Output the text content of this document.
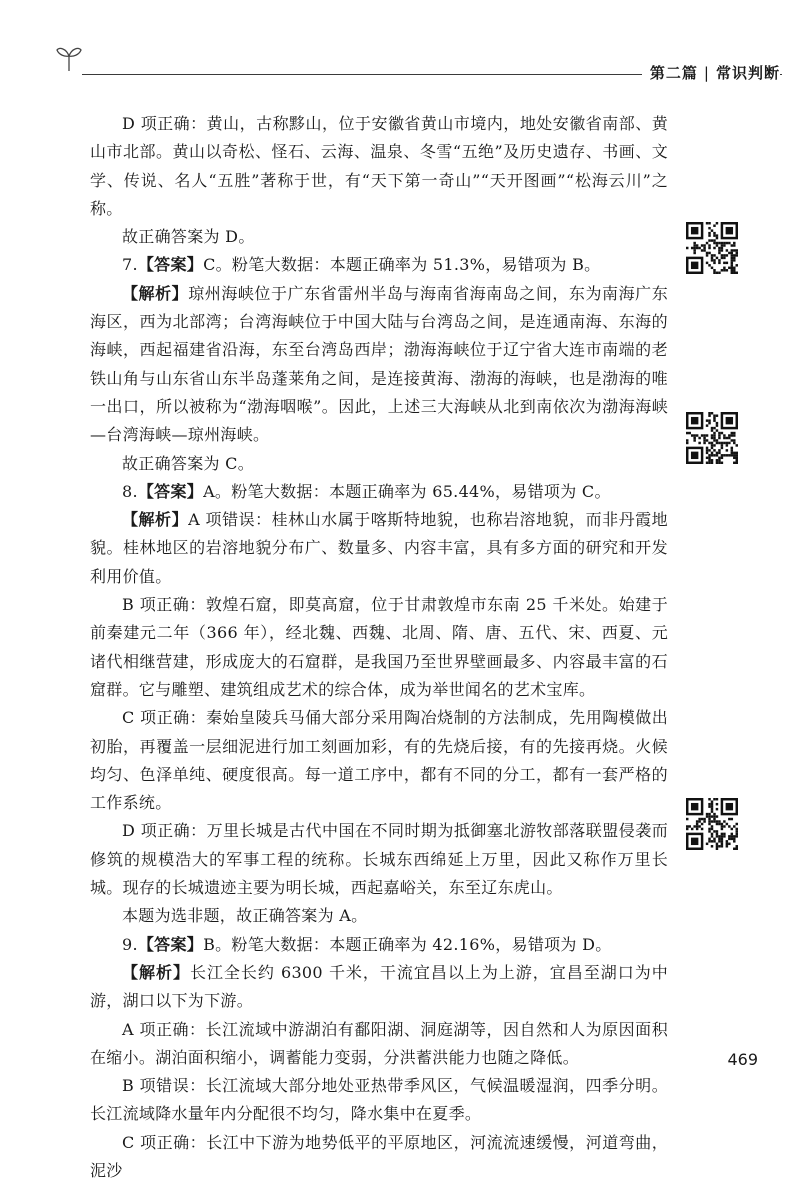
第二篇 | 常识判断

D 项正确：黄山，古称黟山，位于安徽省黄山市境内，地处安徽省南部、黄山市北部。黄山以奇松、怪石、云海、温泉、冬雪“五绝”及历史遗存、书画、文学、传说、名人“五胜”著称于世，有“天下第一奇山”“天开图画”“松海云川”之称。

故正确答案为 D。

7.【答案】C。粉笔大数据：本题正确率为 51.3%，易错项为 B。

【解析】琼州海峡位于广东省雷州半岛与海南省海南岛之间，东为南海广东海区，西为北部湾；台湾海峡位于中国大陆与台湾岛之间，是连通南海、东海的海峡，西起福建省沿海，东至台湾岛西岸；渤海海峡位于辽宁省大连市南端的老铁山角与山东省山东半岛蓬莱角之间，是连接黄海、渤海的海峡，也是渤海的唯一出口，所以被称为“渤海咽喉”。因此，上述三大海峡从北到南依次为渤海海峡—台湾海峡—琼州海峡。

故正确答案为 C。

8.【答案】A。粉笔大数据：本题正确率为 65.44%，易错项为 C。

【解析】A 项错误：桂林山水属于喀斯特地貌，也称岩溶地貌，而非丹霞地貌。桂林地区的岩溶地貌分布广、数量多、内容丰富，具有多方面的研究和开发利用价值。

B 项正确：敦煌石窟，即莫高窟，位于甘肃敦煌市东南 25 千米处。始建于前秦建元二年（366 年），经北魏、西魏、北周、隋、唐、五代、宋、西夏、元诸代相继营建，形成庞大的石窟群，是我国乃至世界壁画最多、内容最丰富的石窟群。它与雕塑、建筑组成艺术的综合体，成为举世闻名的艺术宝库。

C 项正确：秦始皇陵兵马俑大部分采用陶冶烧制的方法制成，先用陶模做出初胎，再覆盖一层细泥进行加工刻画加彩，有的先烧后接，有的先接再烧。火候均匀、色泽单纯、硬度很高。每一道工序中，都有不同的分工，都有一套严格的工作系统。

D 项正确：万里长城是古代中国在不同时期为抵御塞北游牧部落联盟侵袭而修筑的规模浩大的军事工程的统称。长城东西绵延上万里，因此又称作万里长城。现存的长城遗迹主要为明长城，西起嘉峪关，东至辽东虎山。

本题为选非题，故正确答案为 A。

9.【答案】B。粉笔大数据：本题正确率为 42.16%，易错项为 D。

【解析】长江全长约 6300 千米，干流宜昌以上为上游，宜昌至湖口为中游，湖口以下为下游。

A 项正确：长江流域中游湖泊有鄱阳湖、洞庭湖等，因自然和人为原因面积在缩小。湖泊面积缩小，调蓄能力变弱，分洪蓄洪能力也随之降低。

B 项错误：长江流域大部分地处亚热带季风区，气候温暖湿润，四季分明。长江流域降水量年内分配很不均匀，降水集中在夏季。

C 项正确：长江中下游为地势低平的平原地区，河流流速缓慢，河道弯曲，泥沙

469
